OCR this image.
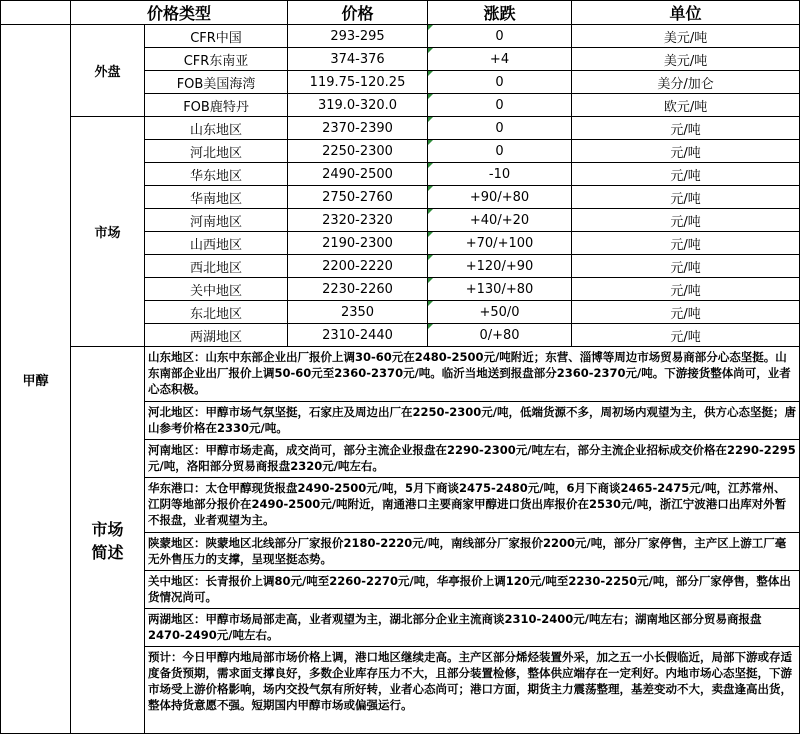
	价格类型		价格	涨跌	单位
甲醇	外盘	CFR中国	293-295	0	美元/吨
		CFR东南亚	374-376	+4	美元/吨
		FOB美国海湾	119.75-120.25	0	美分/加仑
		FOB鹿特丹	319.0-320.0	0	欧元/吨
	市场	山东地区	2370-2390	0	元/吨
		河北地区	2250-2300	0	元/吨
		华东地区	2490-2500	-10	元/吨
		华南地区	2750-2760	+90/+80	元/吨
		河南地区	2320-2320	+40/+20	元/吨
		山西地区	2190-2300	+70/+100	元/吨
		西北地区	2200-2220	+120/+90	元/吨
		关中地区	2230-2260	+130/+80	元/吨
		东北地区	2350	+50/0	元/吨
		两湖地区	2310-2440	0/+80	元/吨

	市场
简述	山东地区：山东中东部企业出厂报价上调30-60元在2480-2500元/吨附近；东营、淄博等周边市场贸易商部分心态坚挺。山东南部企业出厂报价上调50-60元至2360-2370元/吨。临沂当地送到报盘部分2360-2370元/吨。下游接货整体尚可，业者心态积极。			

		河北地区：甲醇市场气氛坚挺，石家庄及周边出厂在2250-2300元/吨，低端货源不多，周初场内观望为主，供方心态坚挺；唐山参考价格在2330元/吨。			

		河南地区：甲醇市场走高，成交尚可，部分主流企业报盘在2290-2300元/吨左右，部分主流企业招标成交价格在2290-2295元/吨，洛阳部分贸易商报盘2320元/吨左右。			

		华东港口：太仓甲醇现货报盘2490-2500元/吨，5月下商谈2475-2480元/吨，6月下商谈2465-2475元/吨，江苏常州、江阴等地部分报价在2490-2500元/吨附近，南通港口主要商家甲醇进口货出库报价在2530元/吨，浙江宁波港口出库对外暂不报盘，业者观望为主。			

		陕蒙地区：陕蒙地区北线部分厂家报价2180-2220元/吨，南线部分厂家报价2200元/吨，部分厂家停售，主产区上游工厂毫无外售压力的支撑，呈现坚挺态势。			

		关中地区：长青报价上调80元/吨至2260-2270元/吨，华亭报价上调120元/吨至2230-2250元/吨，部分厂家停售，整体出货情况尚可。			

		两湖地区：甲醇市场局部走高，业者观望为主，湖北部分企业主流商谈2310-2400元/吨左右；湖南地区部分贸易商报盘2470-2490元/吨左右。			

		预计：今日甲醇内地局部市场价格上调，港口地区继续走高。主产区部分烯烃装置外采，加之五一小长假临近，局部下游或存适度备货预期，需求面支撑良好，多数企业库存压力不大，且部分装置检修，整体供应端存在一定利好。内地市场心态坚挺，下游市场受上游价格影响，场内交投气氛有所好转，业者心态尚可；港口方面，期货主力震荡整理，基差变动不大，卖盘逢高出货，整体持货意愿不强。短期国内甲醇市场或偏强运行。			
